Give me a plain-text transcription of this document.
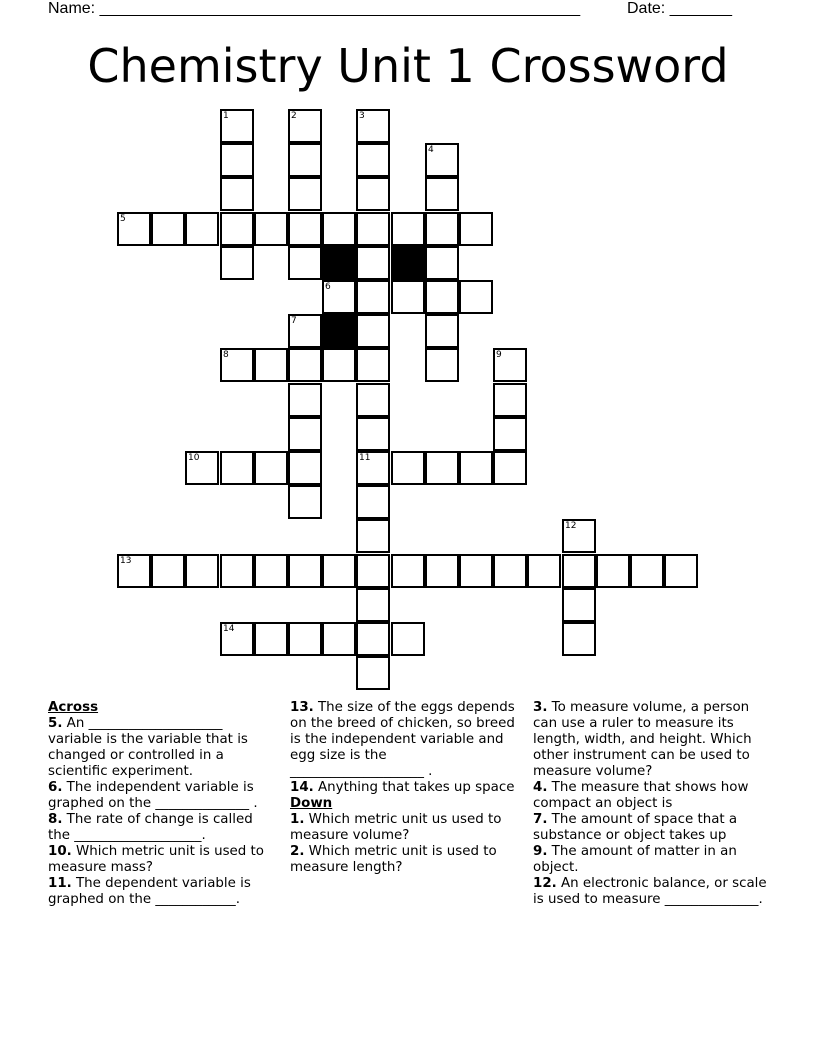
Name: ______________________________________________________	Date: _______
Chemistry Unit 1 Crossword
5
6
8
10	11
13
14
1	2	3
4
7
9
12

Across

5. An ____________________ variable is the variable that is changed or controlled in a scientific experiment.

6. The independent variable is graphed on the ______________ .

8. The rate of change is called the ___________________.

10. Which metric unit is used to measure mass?

11. The dependent variable is graphed on the ____________.

13. The size of the eggs depends on the breed of chicken, so breed is the independent variable and egg size is the ____________________ .

14. Anything that takes up space

Down

1. Which metric unit us used to measure volume?

2. Which metric unit is used to measure length?

3. To measure volume, a person can use a ruler to measure its length, width, and height. Which other instrument can be used to measure volume?

4. The measure that shows how compact an object is

7. The amount of space that a substance or object takes up

9. The amount of matter in an object.

12. An electronic balance, or scale is used to measure ______________.
